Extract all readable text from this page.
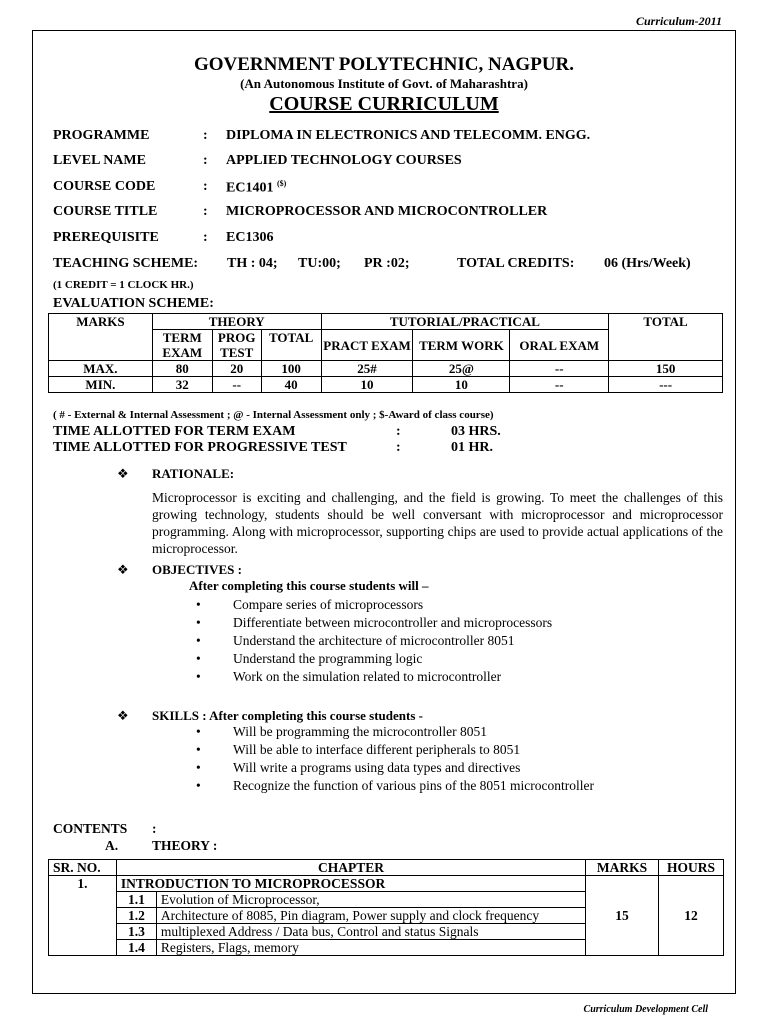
Curriculum-2011
GOVERNMENT POLYTECHNIC, NAGPUR.
(An Autonomous Institute of Govt. of Maharashtra)
COURSE CURRICULUM
PROGRAMME	: DIPLOMA IN ELECTRONICS AND TELECOMM. ENGG.
LEVEL NAME	: APPLIED TECHNOLOGY COURSES
COURSE CODE	: EC1401 ($)
COURSE TITLE	: MICROPROCESSOR AND MICROCONTROLLER
PREREQUISITE	: EC1306
TEACHING SCHEME: TH : 04; TU:00; PR :02;	TOTAL CREDITS: 06 (Hrs/Week)
(1 CREDIT = 1 CLOCK HR.)
EVALUATION SCHEME:
MARKS	THEORY			TUTORIAL/PRACTICAL			TOTAL
	TERM EXAM	PROG TEST	TOTAL	PRACT EXAM	TERM WORK	ORAL EXAM	
MAX.	80	20	100	25#	25@	--	150
MIN.	32	--	40	10	10	--	---
( # - External & Internal Assessment ; @ - Internal Assessment only ; $-Award of class course)
TIME ALLOTTED FOR TERM EXAM	:	03 HRS.
TIME ALLOTTED FOR PROGRESSIVE TEST	:	01 HR.
❖ RATIONALE:
Microprocessor is exciting and challenging, and the field is growing. To meet the challenges of this growing technology, students should be well conversant with microprocessor and microprocessor programming. Along with microprocessor, supporting chips are used to provide actual applications of the microprocessor.
❖ OBJECTIVES :
After completing this course students will –
• Compare series of microprocessors
• Differentiate between microcontroller and microprocessors
• Understand the architecture of microcontroller 8051
• Understand the programming logic
• Work on the simulation related to microcontroller
❖ SKILLS : After completing this course students -
• Will be programming the microcontroller 8051
• Will be able to interface different peripherals to 8051
• Will write a programs using data types and directives
• Recognize the function of various pins of the 8051 microcontroller
CONTENTS :
A.	THEORY :
SR. NO.	CHAPTER		MARKS	HOURS
1.	INTRODUCTION TO MICROPROCESSOR		15	12
	1.1	Evolution of Microprocessor,		
	1.2	Architecture of 8085, Pin diagram, Power supply and clock frequency		
	1.3	multiplexed Address / Data bus, Control and status Signals		
	1.4	Registers, Flags, memory		
Curriculum Development Cell
